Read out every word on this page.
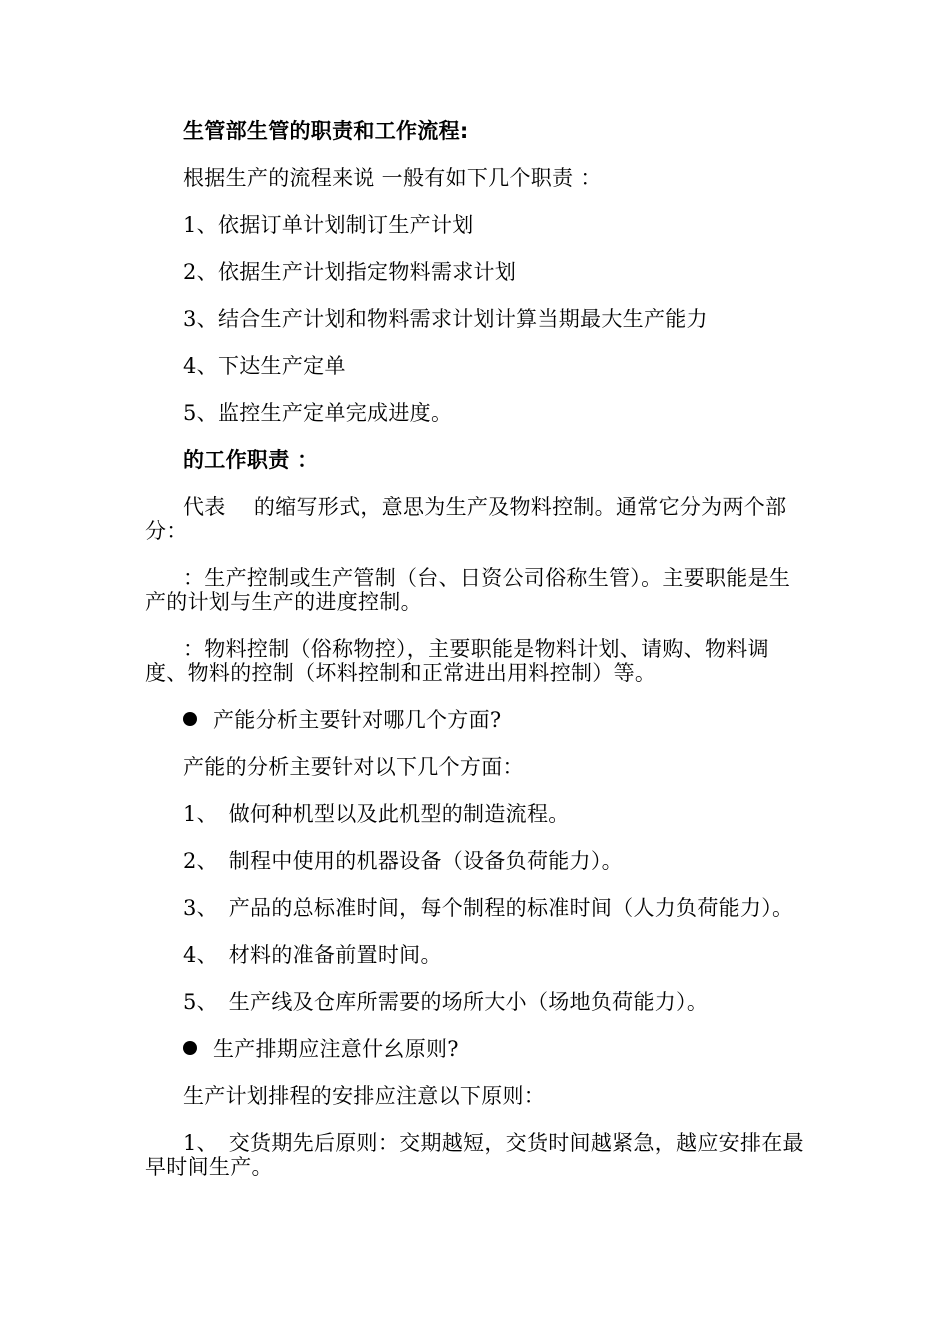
生管部生管的职责和工作流程:

根据生产的流程来说 一般有如下几个职责 ：

1、依据订单计划制订生产计划

2、依据生产计划指定物料需求计划

3、结合生产计划和物料需求计划计算当期最大生产能力

4、下达生产定单

5、监控生产定单完成进度。

的工作职责 ：

代表　 的缩写形式，意思为生产及物料控制。通常它分为两个部分：

：生产控制或生产管制（台、日资公司俗称生管）。主要职能是生产的计划与生产的进度控制。

：物料控制（俗称物控），主要职能是物料计划、请购、物料调度、物料的控制（坏料控制和正常进出用料控制）等。

产能分析主要针对哪几个方面?

产能的分析主要针对以下几个方面：

1、　做何种机型以及此机型的制造流程。

2、　制程中使用的机器设备（设备负荷能力）。

3、　产品的总标准时间，每个制程的标准时间（人力负荷能力）。

4、　材料的准备前置时间。

5、　生产线及仓库所需要的场所大小（场地负荷能力）。

生产排期应注意什幺原则?

生产计划排程的安排应注意以下原则：

1、　交货期先后原则：交期越短，交货时间越紧急，越应安排在最早时间生产。
